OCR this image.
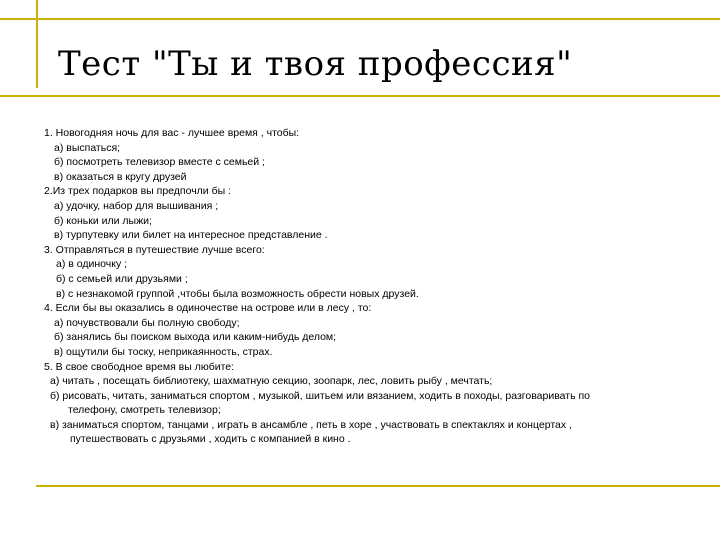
Тест "Ты и твоя профессия"
1. Новогодняя ночь для вас - лучшее время , чтобы:
а) выспаться;
б) посмотреть телевизор вместе с семьей ;
в) оказаться в кругу друзей
2.Из трех подарков вы предпочли бы :
а) удочку, набор для вышивания ;
б) коньки или лыжи;
в) турпутевку или билет на интересное представление .
3. Отправляться в путешествие лучше всего:
а) в одиночку ;
б) с семьей или друзьями ;
в) с незнакомой группой ,чтобы была возможность обрести новых друзей.
4. Если бы вы оказались в одиночестве на острове или в лесу , то:
а) почувствовали бы полную свободу;
б) занялись бы поиском выхода или каким-нибудь делом;
в) ощутили бы тоску, неприкаянность, страх.
5. В свое свободное время вы любите:
а) читать , посещать библиотеку, шахматную секцию, зоопарк, лес, ловить рыбу , мечтать;
б) рисовать, читать, заниматься спортом , музыкой, шитьем или вязанием, ходить в походы, разговаривать по
телефону, смотреть телевизор;
в) заниматься спортом, танцами , играть в ансамбле , петь в хоре , участвовать в спектаклях и концертах ,
путешествовать с друзьями , ходить с компанией в кино .
